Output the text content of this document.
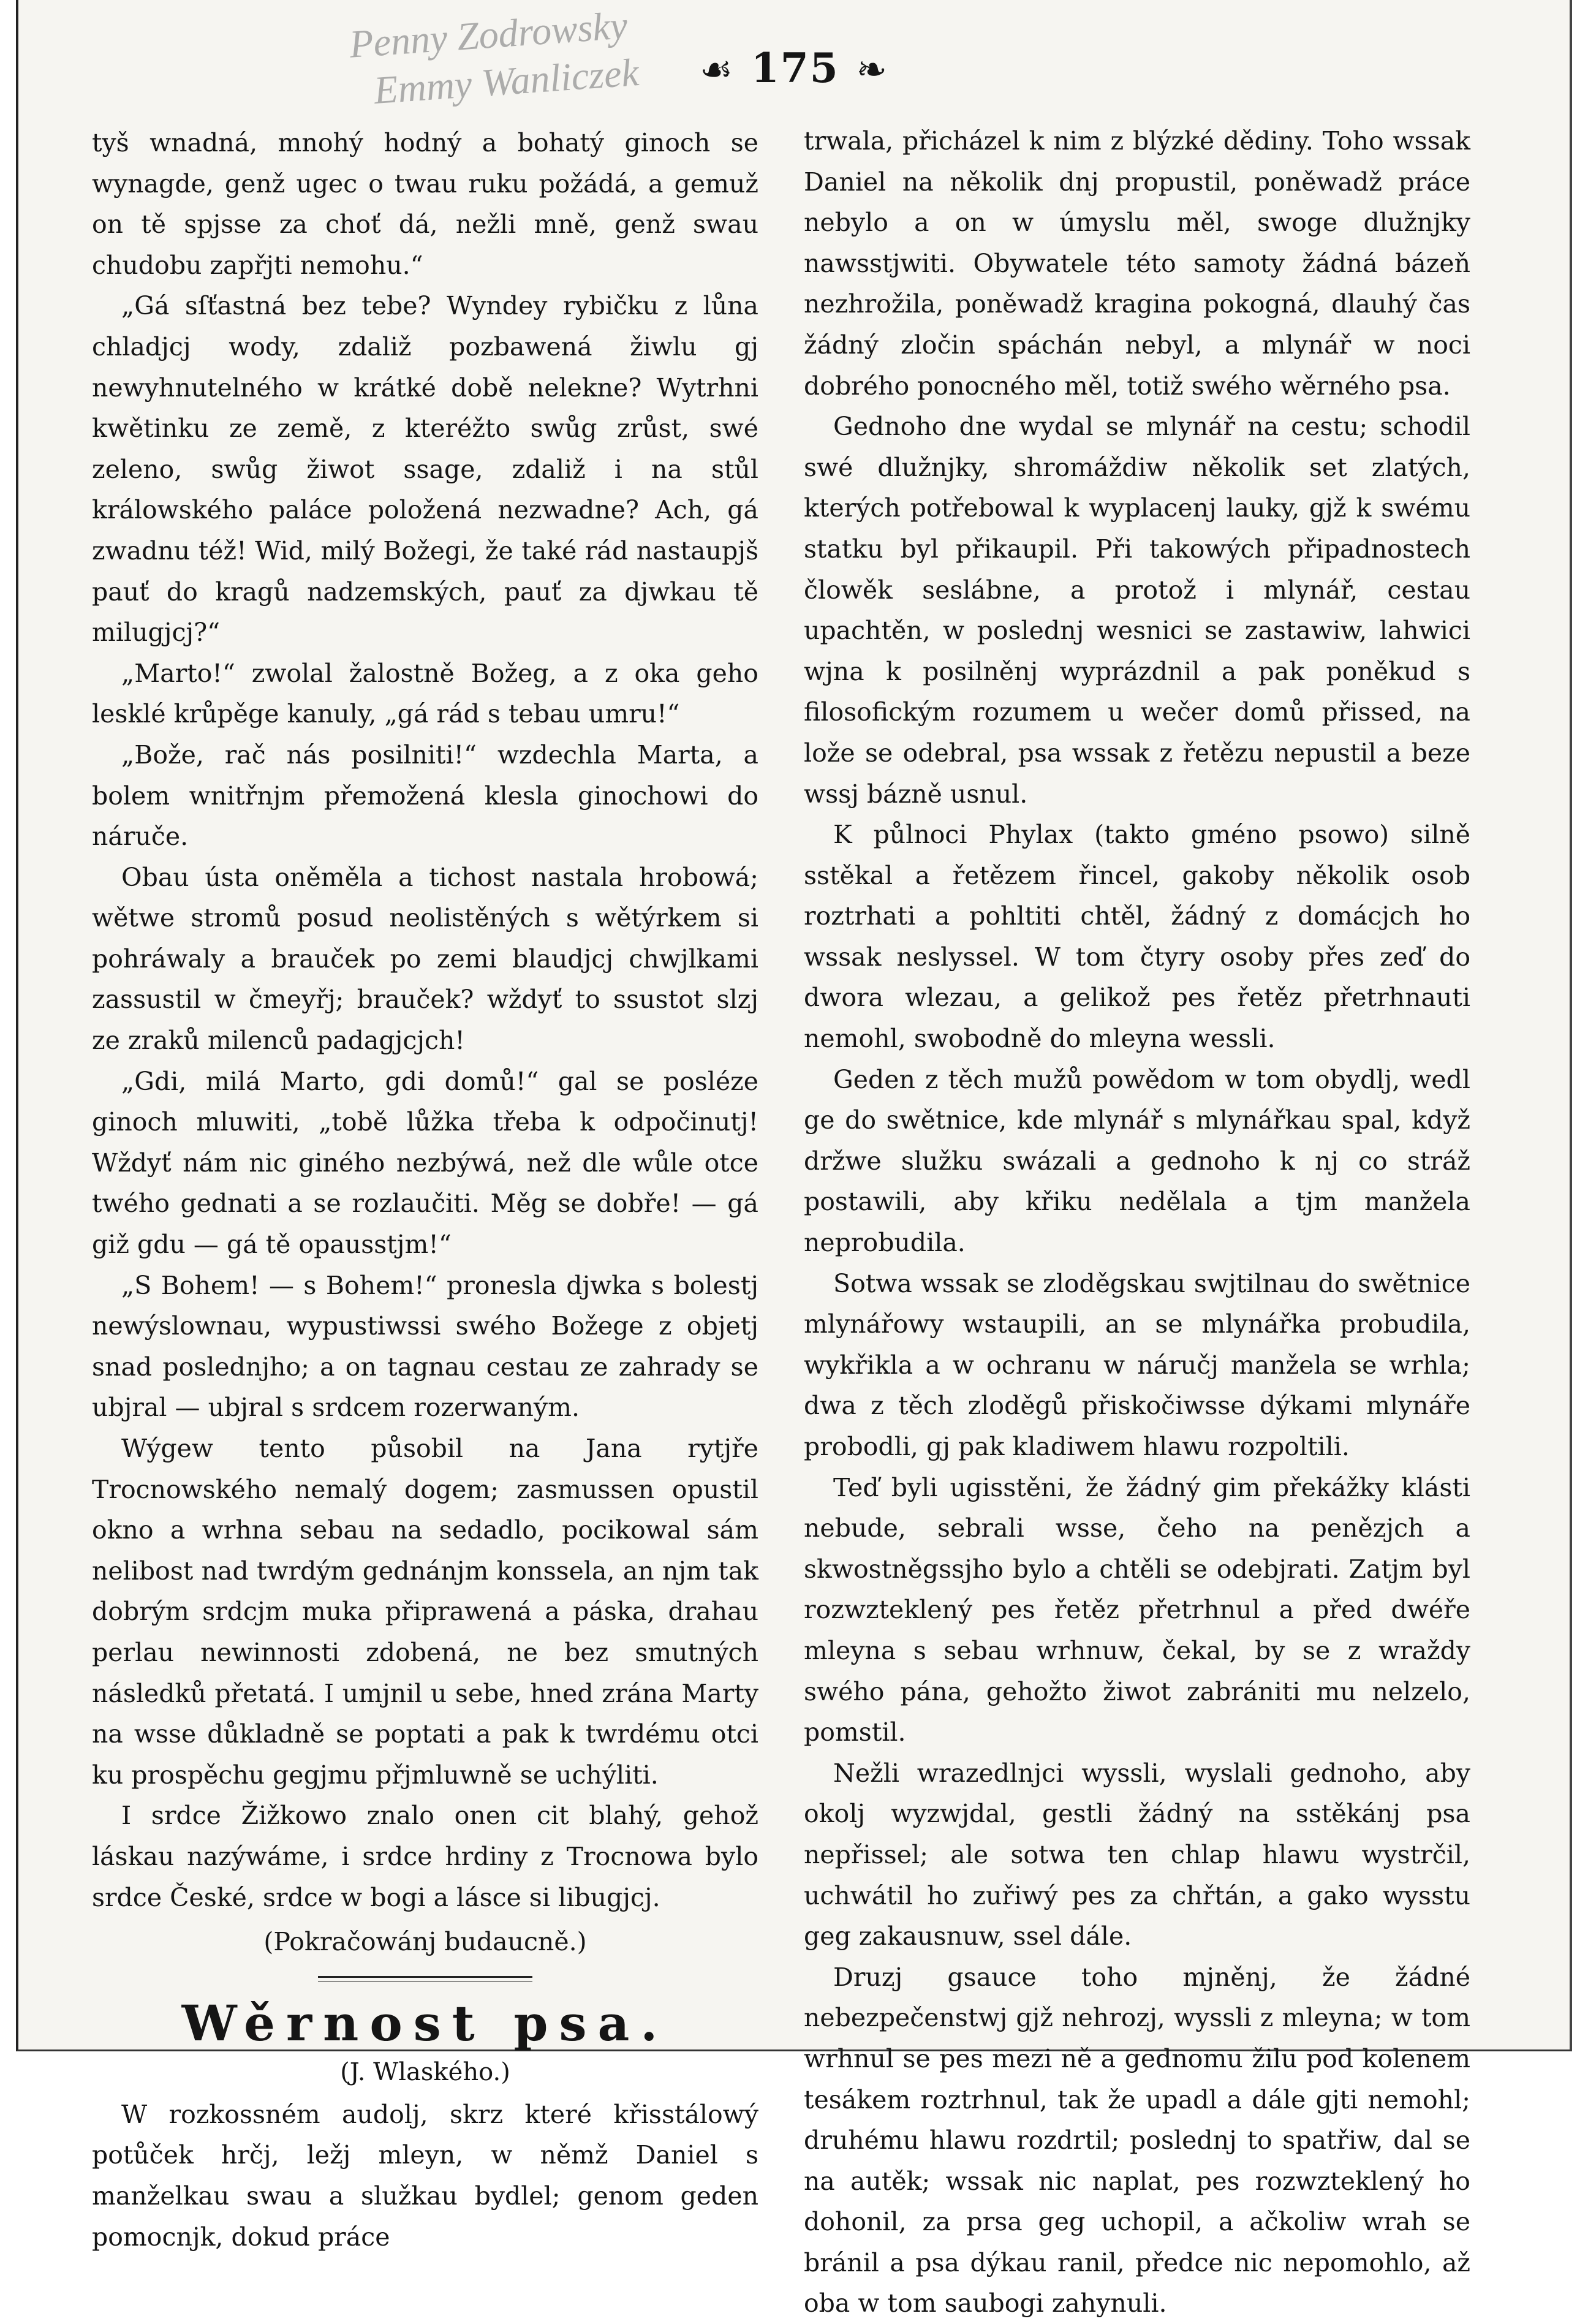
Penny Zodrowsky
Emmy Wanliczek	☙ 175 ❧

tyš wnadná, mnohý hodný a bohatý ginoch se wynagde, genž ugec o twau ruku požádá, a gemuž on tě spjsse za choť dá, nežli mně, genž swau chudobu zapřjti nemohu.“

„Gá sſťastná bez tebe? Wyndey rybičku z lůna chladjcj wody, zdaliž pozbawená žiwlu gj newyhnutelného w krátké době nelekne? Wytrhni kwětinku ze země, z kteréžto swůg zrůst, swé zeleno, swůg žiwot ssage, zdaliž i na stůl králowského paláce položená nezwadne? Ach, gá zwadnu též! Wid, milý Božegi, že také rád nastaupjš pauť do kragů nadzemských, pauť za djwkau tě milugjcj?“

„Marto!“ zwolal žalostně Božeg, a z oka geho lesklé krůpěge kanuly, „gá rád s tebau umru!“

„Bože, rač nás posilniti!“ wzdechla Marta, a bolem wnitřnjm přemožená klesla ginochowi do náruče.

Obau ústa oněměla a tichost nastala hrobowá; wětwe stromů posud neolistěných s wětýrkem si pohráwaly a brauček po zemi blaudjcj chwjlkami zassustil w čmeyřj; brauček? wždyť to ssustot slzj ze zraků milenců padagjcjch!

„Gdi, milá Marto, gdi domů!“ gal se posléze ginoch mluwiti, „tobě lůžka třeba k odpočinutj! Wždyť nám nic giného nezbýwá, než dle wůle otce twého gednati a se rozlaučiti. Měg se dobře! — gá giž gdu — gá tě opausstjm!“

„S Bohem! — s Bohem!“ pronesla djwka s bolestj newýslownau, wypustiwssi swého Božege z objetj snad poslednjho; a on tagnau cestau ze zahrady se ubjral — ubjral s srdcem rozerwaným.

Wýgew tento působil na Jana rytjře Trocnowského nemalý dogem; zasmussen opustil okno a wrhna sebau na sedadlo, pocikowal sám nelibost nad twrdým gednánjm konssela, an njm tak dobrým srdcjm muka připrawená a páska, drahau perlau newinnosti zdobená, ne bez smutných následků přetatá. I umjnil u sebe, hned zrána Marty na wsse důkladně se poptati a pak k twrdému otci ku prospěchu gegjmu přjmluwně se uchýliti.

I srdce Žižkowo znalo onen cit blahý, gehož láskau nazýwáme, i srdce hrdiny z Trocnowa bylo srdce České, srdce w bogi a lásce si libugjcj.

(Pokračowánj budaucně.)

Wěrnost psa.
(J. Wlaského.)

W rozkossném audolj, skrz které křisstálowý potůček hrčj, ležj mleyn, w němž Daniel s manželkau swau a služkau bydlel; genom geden pomocnjk, dokud práce

trwala, přicházel k nim z blýzké dědiny. Toho wssak Daniel na několik dnj propustil, poněwadž práce nebylo a on w úmyslu měl, swoge dlužnjky nawsstjwiti. Obywatele této samoty žádná bázeň nezhrožila, poněwadž kragina pokogná, dlauhý čas žádný zločin spáchán nebyl, a mlynář w noci dobrého ponocného měl, totiž swého wěrného psa.

Gednoho dne wydal se mlynář na cestu; schodil swé dlužnjky, shromáždiw několik set zlatých, kterých potřebowal k wyplacenj lauky, gjž k swému statku byl přikaupil. Při takowých připadnostech člowěk seslábne, a protož i mlynář, cestau upachtěn, w poslednj wesnici se zastawiw, lahwici wjna k posilněnj wyprázdnil a pak poněkud s filosofickým rozumem u wečer domů přissed, na lože se odebral, psa wssak z řetězu nepustil a beze wssj bázně usnul.

K půlnoci Phylax (takto gméno psowo) silně sstěkal a řetězem řincel, gakoby několik osob roztrhati a pohltiti chtěl, žádný z domácjch ho wssak neslyssel. W tom čtyry osoby přes zeď do dwora wlezau, a gelikož pes řetěz přetrhnauti nemohl, swobodně do mleyna wessli.

Geden z těch mužů powědom w tom obydlj, wedl ge do swětnice, kde mlynář s mlynářkau spal, když držwe služku swázali a gednoho k nj co stráž postawili, aby křiku nedělala a tjm manžela neprobudila.

Sotwa wssak se zloděgskau swjtilnau do swětnice mlynářowy wstaupili, an se mlynářka probudila, wykřikla a w ochranu w náručj manžela se wrhla; dwa z těch zloděgů přiskočiwsse dýkami mlynáře probodli, gj pak kladiwem hlawu rozpoltili.

Teď byli ugisstěni, že žádný gim překážky klásti nebude, sebrali wsse, čeho na penězjch a skwostněgssjho bylo a chtěli se odebjrati. Zatjm byl rozwzteklený pes řetěz přetrhnul a před dwéře mleyna s sebau wrhnuw, čekal, by se z wraždy swého pána, gehožto žiwot zabrániti mu nelzelo, pomstil.

Nežli wrazedlnjci wyssli, wyslali gednoho, aby okolj wyzwjdal, gestli žádný na sstěkánj psa nepřissel; ale sotwa ten chlap hlawu wystrčil, uchwátil ho zuřiwý pes za chřtán, a gako wysstu geg zakausnuw, ssel dále.

Druzj gsauce toho mjněnj, že žádné nebezpečenstwj gjž nehrozj, wyssli z mleyna; w tom wrhnul se pes mezi ně a gednomu žilu pod kolenem tesákem roztrhnul, tak že upadl a dále gjti nemohl; druhému hlawu rozdrtil; poslednj to spatřiw, dal se na autěk; wssak nic naplat, pes rozwzteklený ho dohonil, za prsa geg uchopil, a ačkoliw wrah se bránil a psa dýkau ranil, předce nic nepomohlo, až oba w tom saubogi zahynuli.
